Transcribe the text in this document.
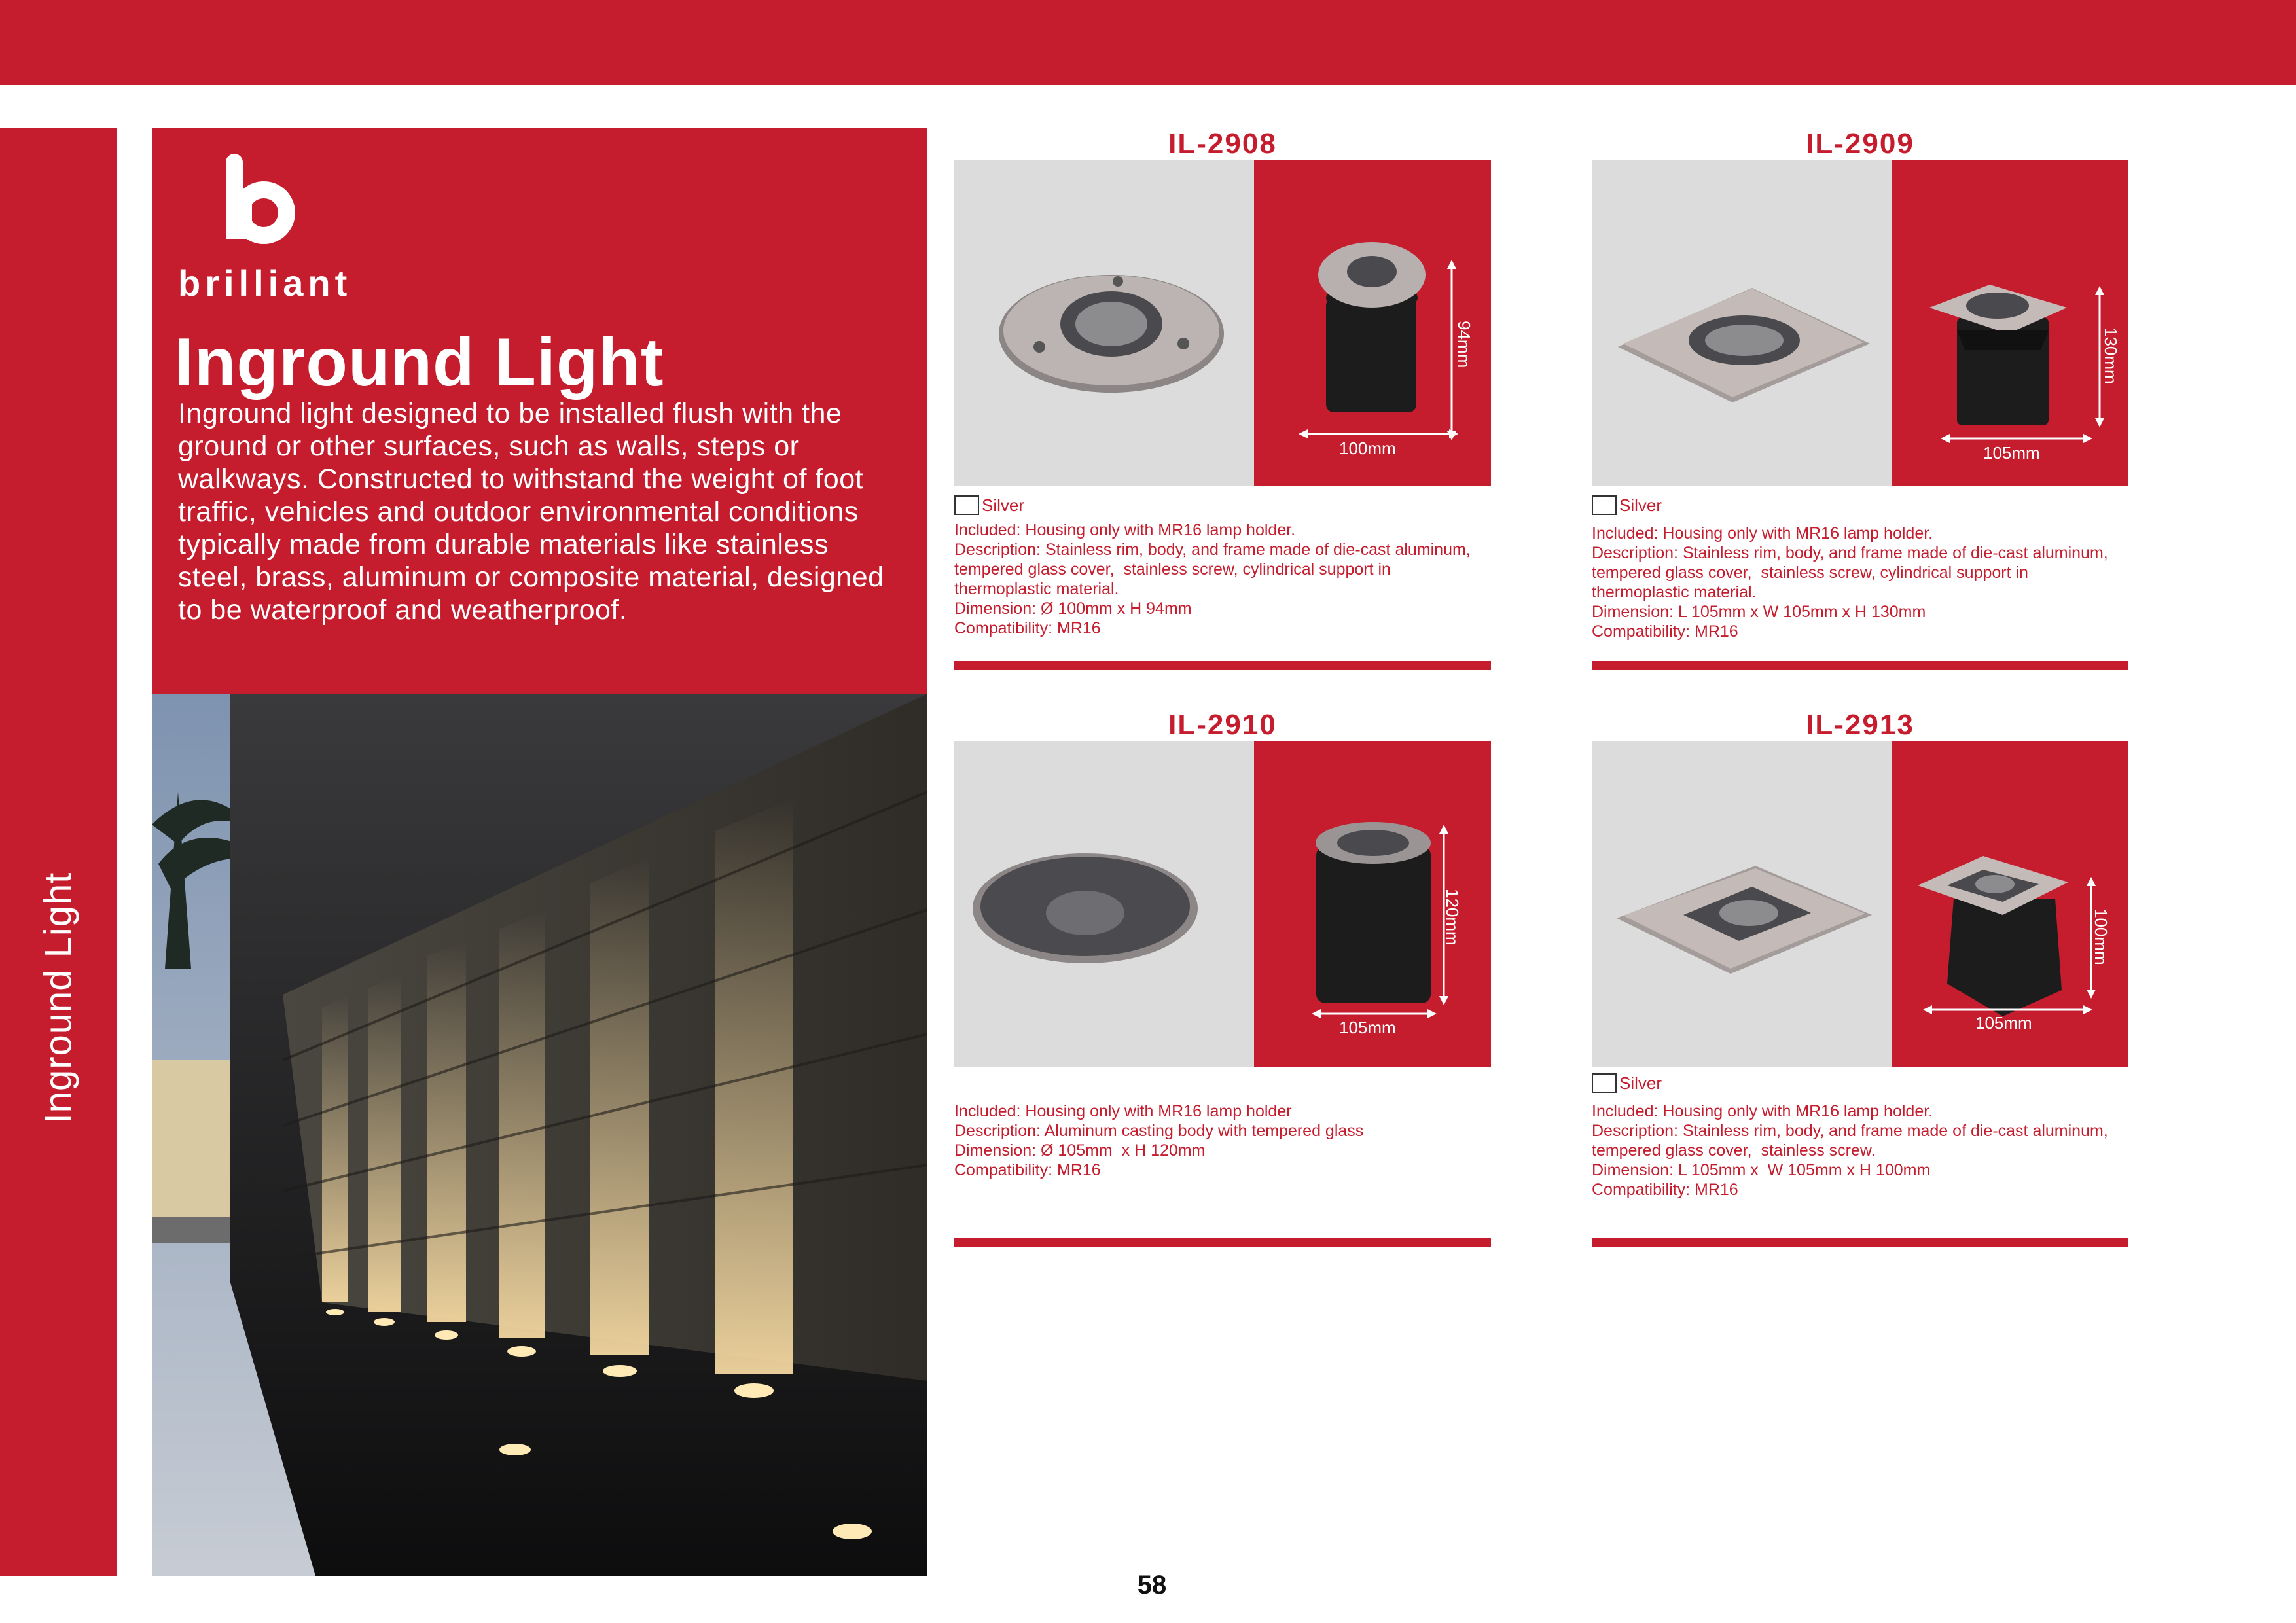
Inground Light
brilliant
Inground Light
Inground light designed to be installed flush with the ground or other surfaces, such as walls, steps or walkways. Constructed to withstand the weight of foot traffic, vehicles and outdoor environmental conditions typically made from durable materials like stainless steel, brass, aluminum or composite material, designed to be waterproof and weatherproof.
IL-2908
100mm
94mm
Silver
Included: Housing only with MR16 lamp holder.
Description: Stainless rim, body, and frame made of die-cast aluminum, tempered glass cover,  stainless screw, cylindrical support in thermoplastic material.
Dimension: Ø 100mm x H 94mm
Compatibility: MR16
IL-2909
105mm
130mm
Silver
Included: Housing only with MR16 lamp holder.
Description: Stainless rim, body, and frame made of die-cast aluminum, tempered glass cover,  stainless screw, cylindrical support in thermoplastic material.
Dimension: L 105mm x W 105mm x H 130mm
Compatibility: MR16
IL-2910
105mm
120mm
Included: Housing only with MR16 lamp holder
Description: Aluminum casting body with tempered glass
Dimension: Ø 105mm  x H 120mm
Compatibility: MR16
IL-2913
105mm
100mm
Silver
Included: Housing only with MR16 lamp holder.
Description: Stainless rim, body, and frame made of die-cast aluminum, tempered glass cover,  stainless screw.
Dimension: L 105mm x  W 105mm x H 100mm
Compatibility: MR16
58
